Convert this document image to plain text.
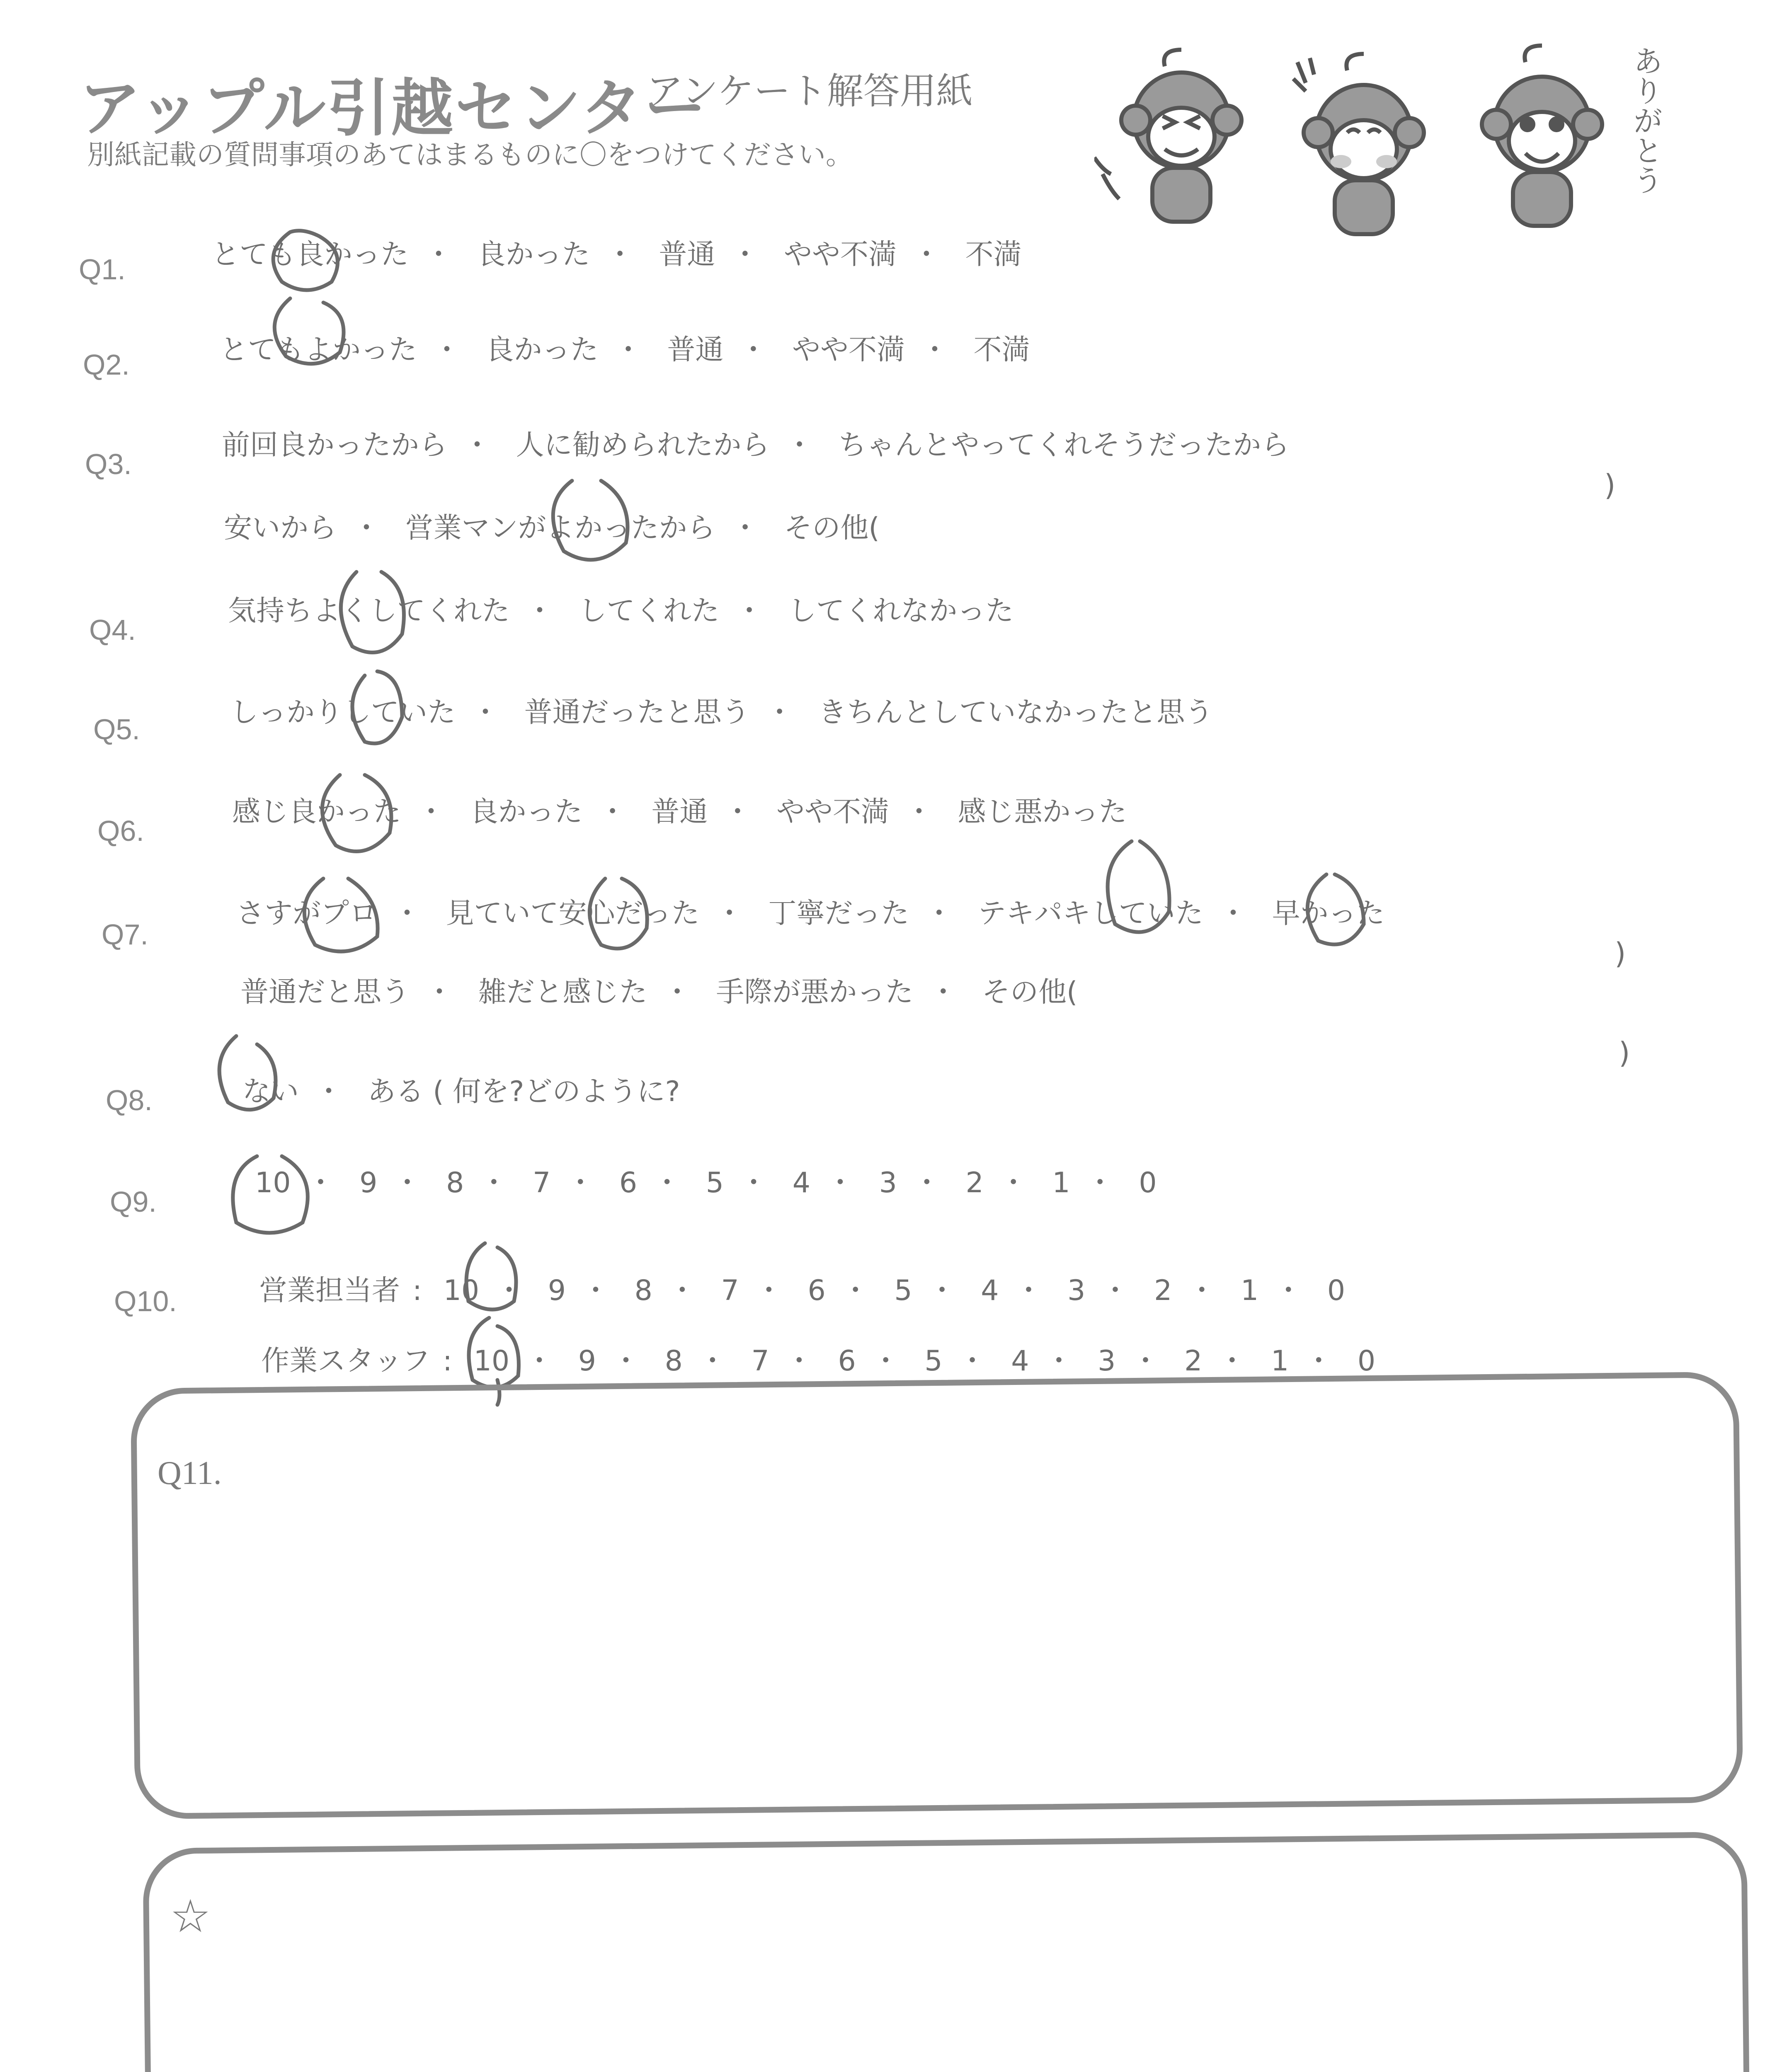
アップル引越センター
アンケート解答用紙
別紙記載の質問事項のあてはまるものに〇をつけてください。	ありがとう
Q1.	とても良かった ・ 良かった ・ 普通 ・ やや不満 ・ 不満
Q2.	とてもよかった ・ 良かった ・ 普通 ・ やや不満 ・ 不満
Q3.
前回良かったから ・ 人に勧められたから ・ ちゃんとやってくれそうだったから
安いから ・ 営業マンがよかったから ・ その他(
)
Q4.
気持ちよくしてくれた ・ してくれた ・ してくれなかった
Q5.
しっかりしていた ・ 普通だったと思う ・ きちんとしていなかったと思う
Q6.
感じ良かった ・ 良かった ・ 普通 ・ やや不満 ・ 感じ悪かった
Q7.
さすがプロ ・ 見ていて安心だった ・ 丁寧だった ・ テキパキしていた ・ 早かった
普通だと思う ・ 雑だと感じた ・ 手際が悪かった ・ その他(
)
Q8.	ない ・ ある ( 何を?どのように?
)
Q9.
10 ・ 9 ・ 8 ・ 7 ・ 6 ・ 5 ・ 4 ・ 3 ・ 2 ・ 1 ・ 0
Q10.	営業担当者 : 10 ・ 9 ・ 8 ・ 7 ・ 6 ・ 5 ・ 4 ・ 3 ・ 2 ・ 1 ・ 0
作業スタッフ : 10 ・ 9 ・ 8 ・ 7 ・ 6 ・ 5 ・ 4 ・ 3 ・ 2 ・ 1 ・ 0
Q11.
☆
